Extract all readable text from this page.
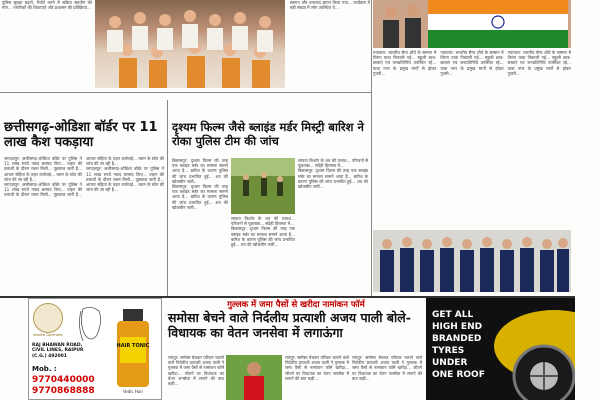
पुलिस सुरक्षा बढ़ाने, रिपोर्ट करने में सक्रिय सहयोग की मांग... नागरिकों की शिकायतें और प्रशासन की प्रतिक्रिया...

स्वागत और धन्यवाद ज्ञापन किया गया... कार्यक्रम में बड़ी संख्या में लोग उपस्थित थे...

नयापारा: भारतीय सैन्य शौर्य के सम्मान में तिरंगा यात्रा निकाली गई... स्कूली छात्र-छात्राएं एवं जनप्रतिनिधि उपस्थित रहे... यात्रा नगर के प्रमुख मार्गों से होकर गुजरी...

नयापारा: भारतीय सैन्य शौर्य के सम्मान में तिरंगा यात्रा निकाली गई... स्कूली छात्र-छात्राएं एवं जनप्रतिनिधि उपस्थित रहे... यात्रा नगर के प्रमुख मार्गों से होकर गुजरी...

नयापारा: भारतीय सैन्य शौर्य के सम्मान में तिरंगा यात्रा निकाली गई... स्कूली छात्र-छात्राएं एवं जनप्रतिनिधि उपस्थित रहे... यात्रा नगर के प्रमुख मार्गों से होकर गुजरी...

छत्तीसगढ़-ओडिशा बॉर्डर पर 11 लाख कैश पकड़ाया

जगदलपुर: छत्तीसगढ़-ओडिशा बॉर्डर पर पुलिस ने 11 लाख रुपये नकद बरामद किए... वाहन की तलाशी के दौरान रकम मिली... पूछताछ जारी है... आचार संहिता के तहत कार्रवाई... रकम के स्रोत की जांच की जा रही है...

जगदलपुर: छत्तीसगढ़-ओडिशा बॉर्डर पर पुलिस ने 11 लाख रुपये नकद बरामद किए... वाहन की तलाशी के दौरान रकम मिली... पूछताछ जारी है... आचार संहिता के तहत कार्रवाई... रकम के स्रोत की जांच की जा रही है...

जगदलपुर: छत्तीसगढ़-ओडिशा बॉर्डर पर पुलिस ने 11 लाख रुपये नकद बरामद किए... वाहन की तलाशी के दौरान रकम मिली... पूछताछ जारी है... आचार संहिता के तहत कार्रवाई... रकम के स्रोत की जांच की जा रही है...

दृश्यम फिल्म जैसे ब्लाइंड मर्डर मिस्ट्री बारिश ने रोका पुलिस टीम की जांच

बिलासपुर: दृश्यम फिल्म की तरह एक ब्लाइंड मर्डर का मामला सामने आया है... बारिश के कारण पुलिस की जांच प्रभावित हुई... शव की खोजबीन जारी...

बिलासपुर: दृश्यम फिल्म की तरह एक ब्लाइंड मर्डर का मामला सामने आया है... बारिश के कारण पुलिस की जांच प्रभावित हुई... शव की खोजबीन जारी...

लापता किशोर के शव की तलाश... परिजनों से पूछताछ... संदेही हिरासत में...

बिलासपुर: दृश्यम फिल्म की तरह एक ब्लाइंड मर्डर का मामला सामने आया है... बारिश के कारण पुलिस की जांच प्रभावित हुई... शव की खोजबीन जारी...

लापता किशोर के शव की तलाश... परिजनों से पूछताछ... संदेही हिरासत में...

बिलासपुर: दृश्यम फिल्म की तरह एक ब्लाइंड मर्डर का मामला सामने आया है... बारिश के कारण पुलिस की जांच प्रभावित हुई... शव की खोजबीन जारी...

Vanita Garment
RAJ BHAWAN ROAD, CIVIL LINES, RAIPUR (C.G.) 492001
Mob. :
9770440000
9770868888
HAIR TONIC
Vedic Hair
गुल्लक में जमा पैसों से खरीदा नामांकन फॉर्म
समोसा बेचने वाले निर्दलीय प्रत्याशी अजय पाली बोले- विधायक का वेतन जनसेवा में लगाऊंगा

रायपुर: समोसा बेचकर परिवार चलाने वाले निर्दलीय प्रत्याशी अजय पाली ने गुल्लक में जमा पैसों से नामांकन फॉर्म खरीदा... जीतने पर विधायक का वेतन जनसेवा में लगाने की बात कही...

रायपुर: समोसा बेचकर परिवार चलाने वाले निर्दलीय प्रत्याशी अजय पाली ने गुल्लक में जमा पैसों से नामांकन फॉर्म खरीदा... जीतने पर विधायक का वेतन जनसेवा में लगाने की बात कही...

रायपुर: समोसा बेचकर परिवार चलाने वाले निर्दलीय प्रत्याशी अजय पाली ने गुल्लक में जमा पैसों से नामांकन फॉर्म खरीदा... जीतने पर विधायक का वेतन जनसेवा में लगाने की बात कही...

GET ALL
HIGH END
BRANDED
TYRES
UNDER
ONE ROOF
